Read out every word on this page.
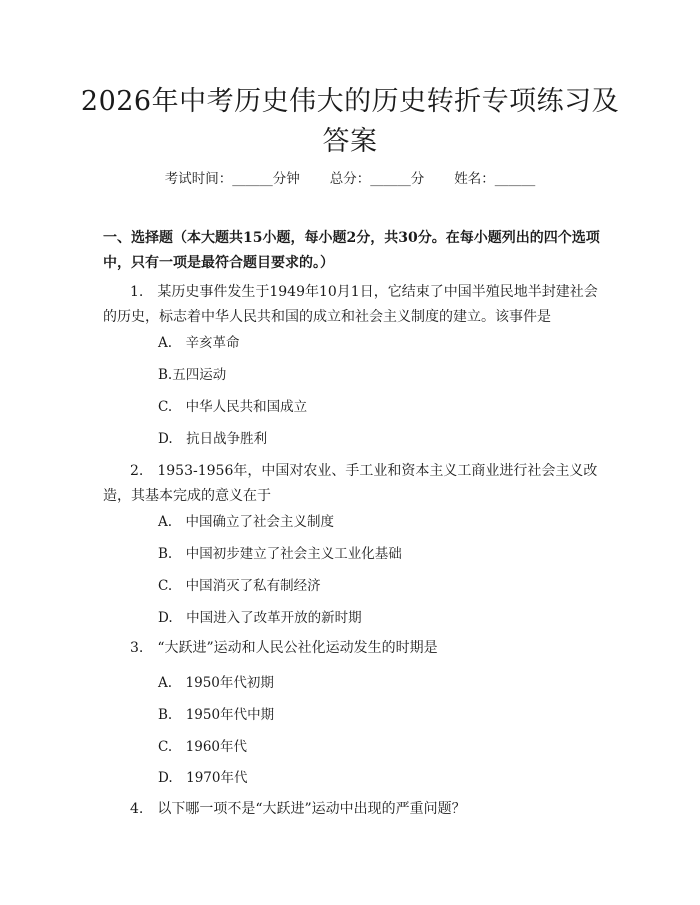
2026年中考历史伟大的历史转折专项练习及答案
考试时间：______分钟 总分：______分 姓名：______
一、选择题（本大题共15小题，每小题2分，共30分。在每小题列出的四个选项中，只有一项是最符合题目要求的。）
1.　某历史事件发生于1949年10月1日，它结束了中国半殖民地半封建社会的历史，标志着中华人民共和国的成立和社会主义制度的建立。该事件是
A.　辛亥革命
B.五四运动
C.　中华人民共和国成立
D.　抗日战争胜利
2.　1953-1956年，中国对农业、手工业和资本主义工商业进行社会主义改造，其基本完成的意义在于
A.　中国确立了社会主义制度
B.　中国初步建立了社会主义工业化基础
C.　中国消灭了私有制经济
D.　中国进入了改革开放的新时期
3.　“大跃进”运动和人民公社化运动发生的时期是
A.　1950年代初期
B.　1950年代中期
C.　1960年代
D.　1970年代
4.　以下哪一项不是“大跃进”运动中出现的严重问题？
